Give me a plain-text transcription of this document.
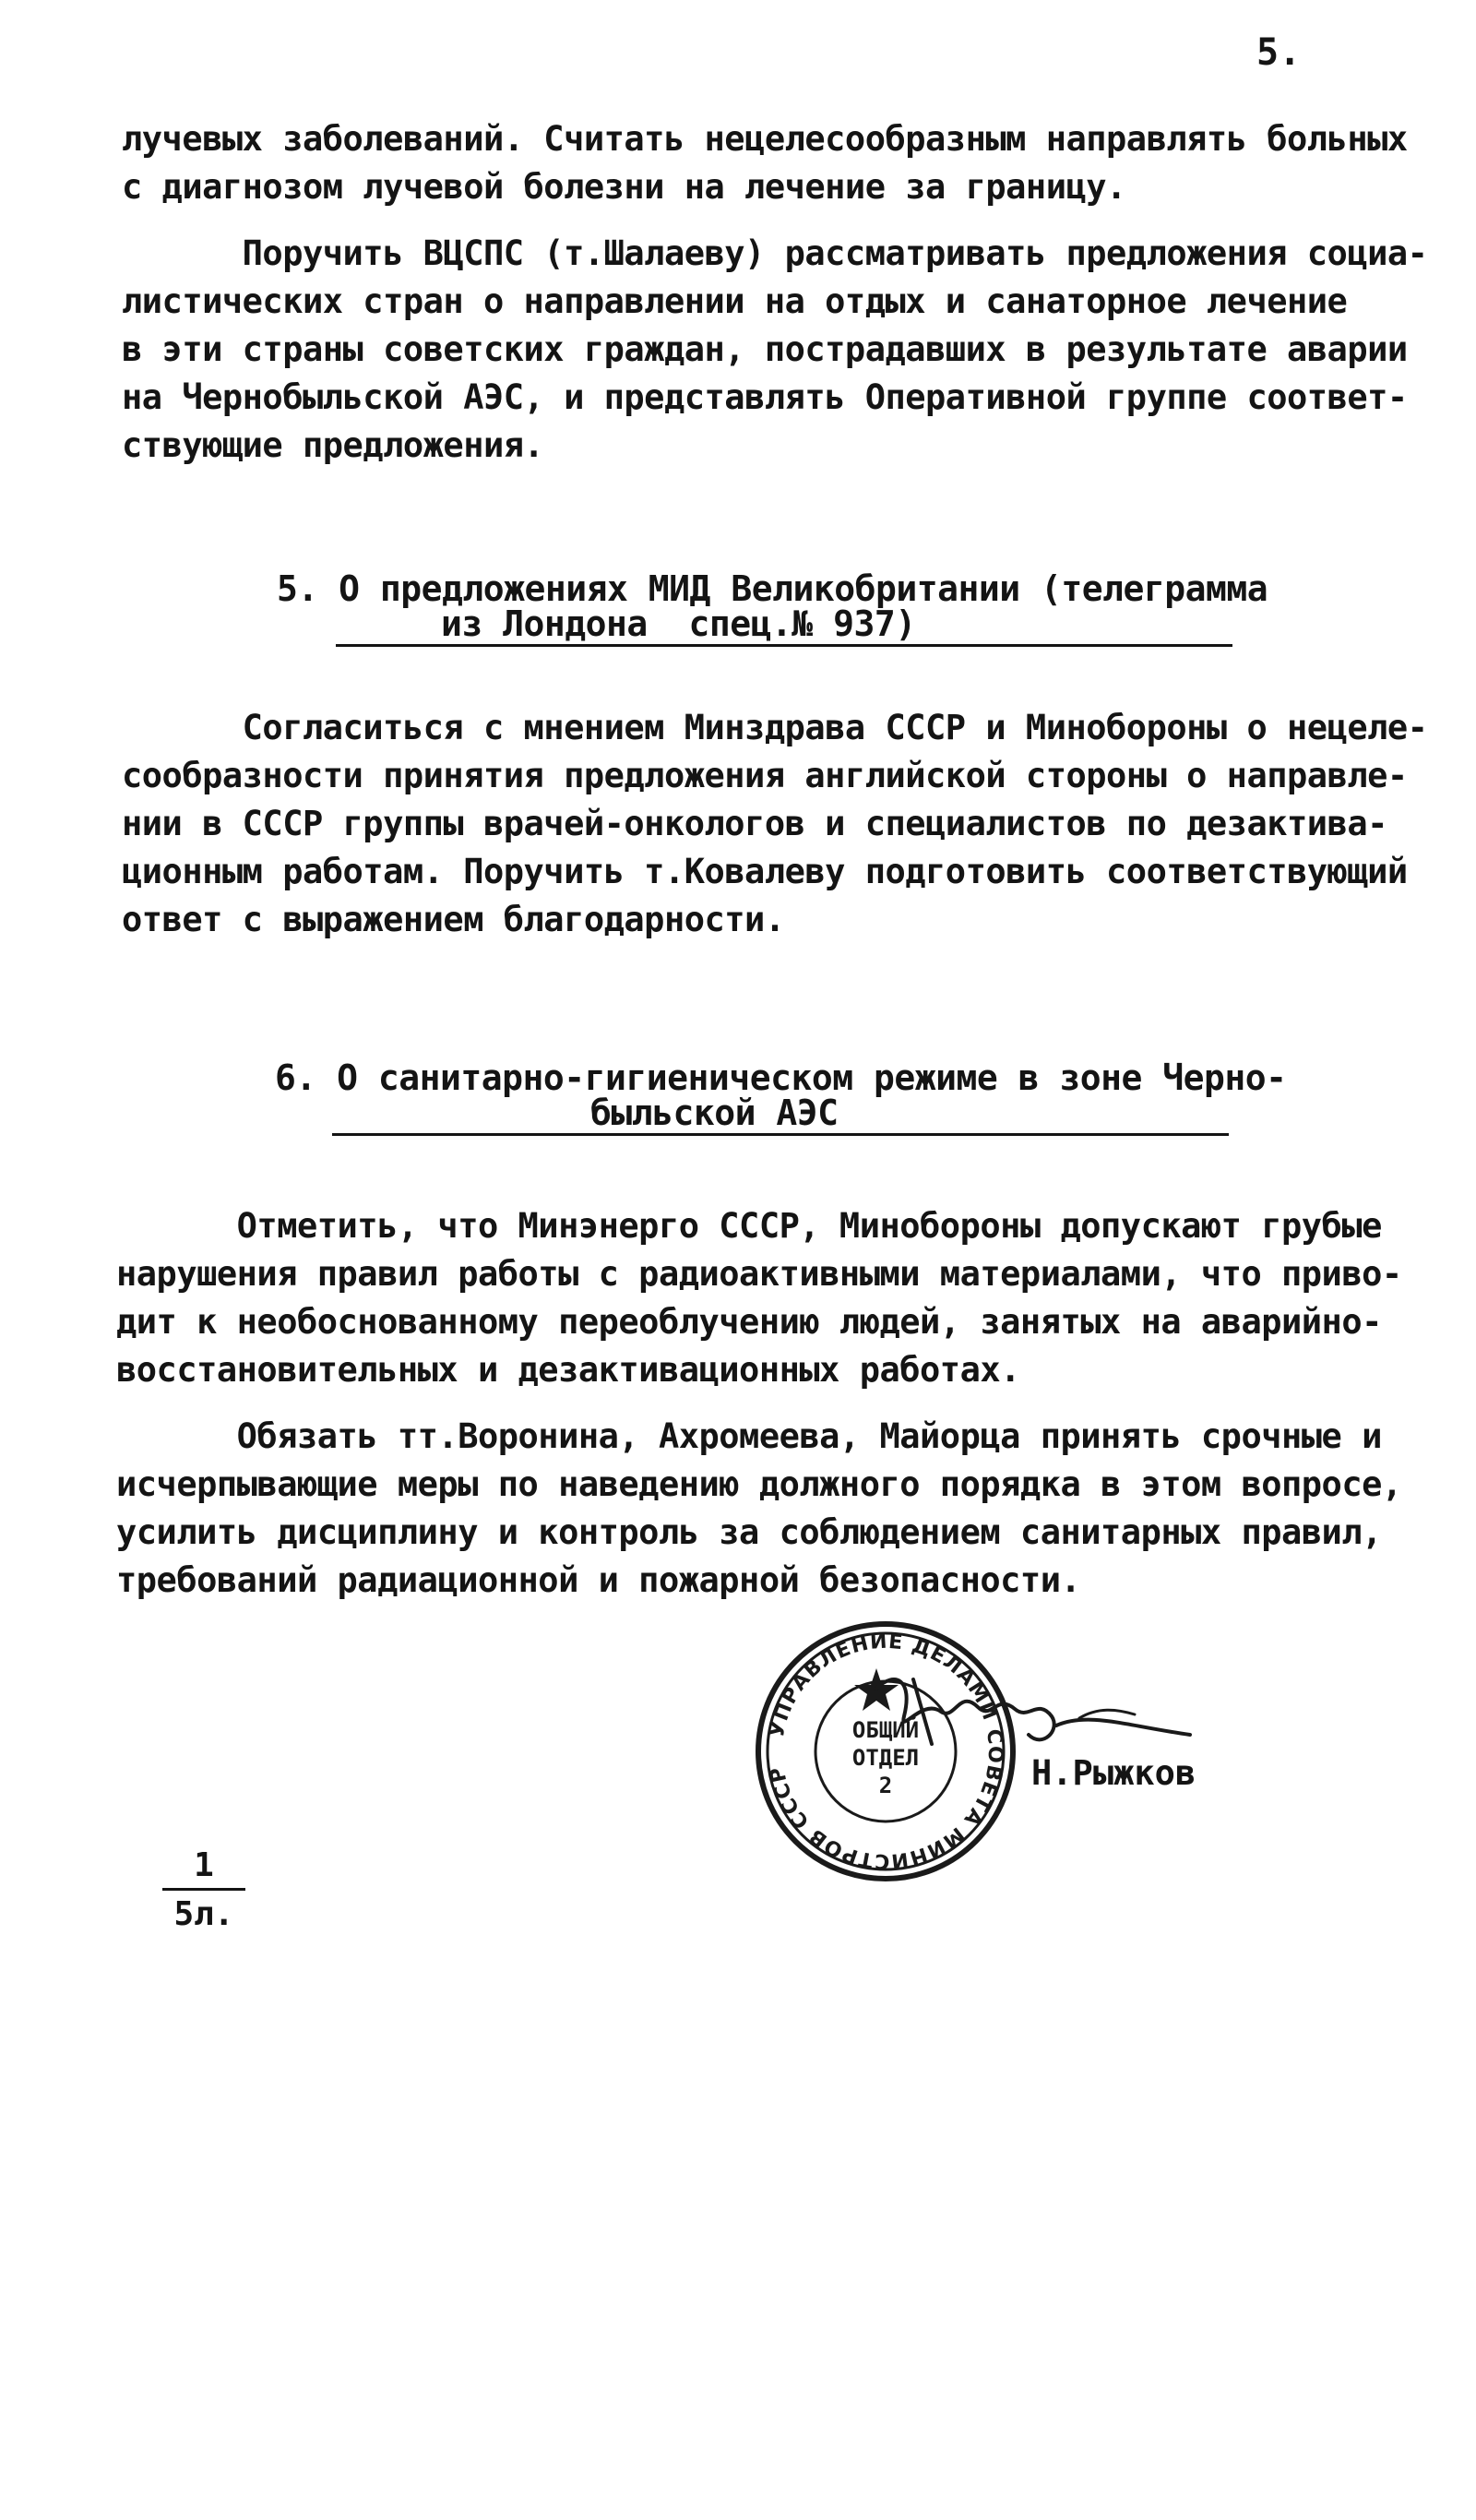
5.
лучевых заболеваний. Считать нецелесообразным направлять больных
с диагнозом лучевой болезни на лечение за границу.
Поручить ВЦСПС (т.Шалаеву) рассматривать предложения социа-
листических стран о направлении на отдых и санаторное лечение
в эти страны советских граждан, пострадавших в результате аварии
на Чернобыльской АЭС, и представлять Оперативной группе соответ-
ствующие предложения.
5. О предложениях МИД Великобритании (телеграмма
из Лондона  спец.№ 937)
Согласиться с мнением Минздрава СССР и Минобороны о нецеле-
сообразности принятия предложения английской стороны о направле-
нии в СССР группы врачей-онкологов и специалистов по дезактива-
ционным работам. Поручить т.Ковалеву подготовить соответствующий
ответ с выражением благодарности.
6. О санитарно-гигиеническом режиме в зоне Черно-
быльской АЭС
Отметить, что Минэнерго СССР, Минобороны допускают грубые
нарушения правил работы с радиоактивными материалами, что приво-
дит к необоснованному переоблучению людей, занятых на аварийно-
восстановительных и дезактивационных работах.
Обязать тт.Воронина, Ахромеева, Майорца принять срочные и
исчерпывающие меры по наведению должного порядка в этом вопросе,
усилить дисциплину и контроль за соблюдением санитарных правил,
требований радиационной и пожарной безопасности.
УПРАВЛЕНИЕ ДЕЛАМИ СОВЕТА МИНИСТРОВ СССР
ОБЩИЙ
ОТДЕЛ
2	Н.Рыжков
1
5л.
